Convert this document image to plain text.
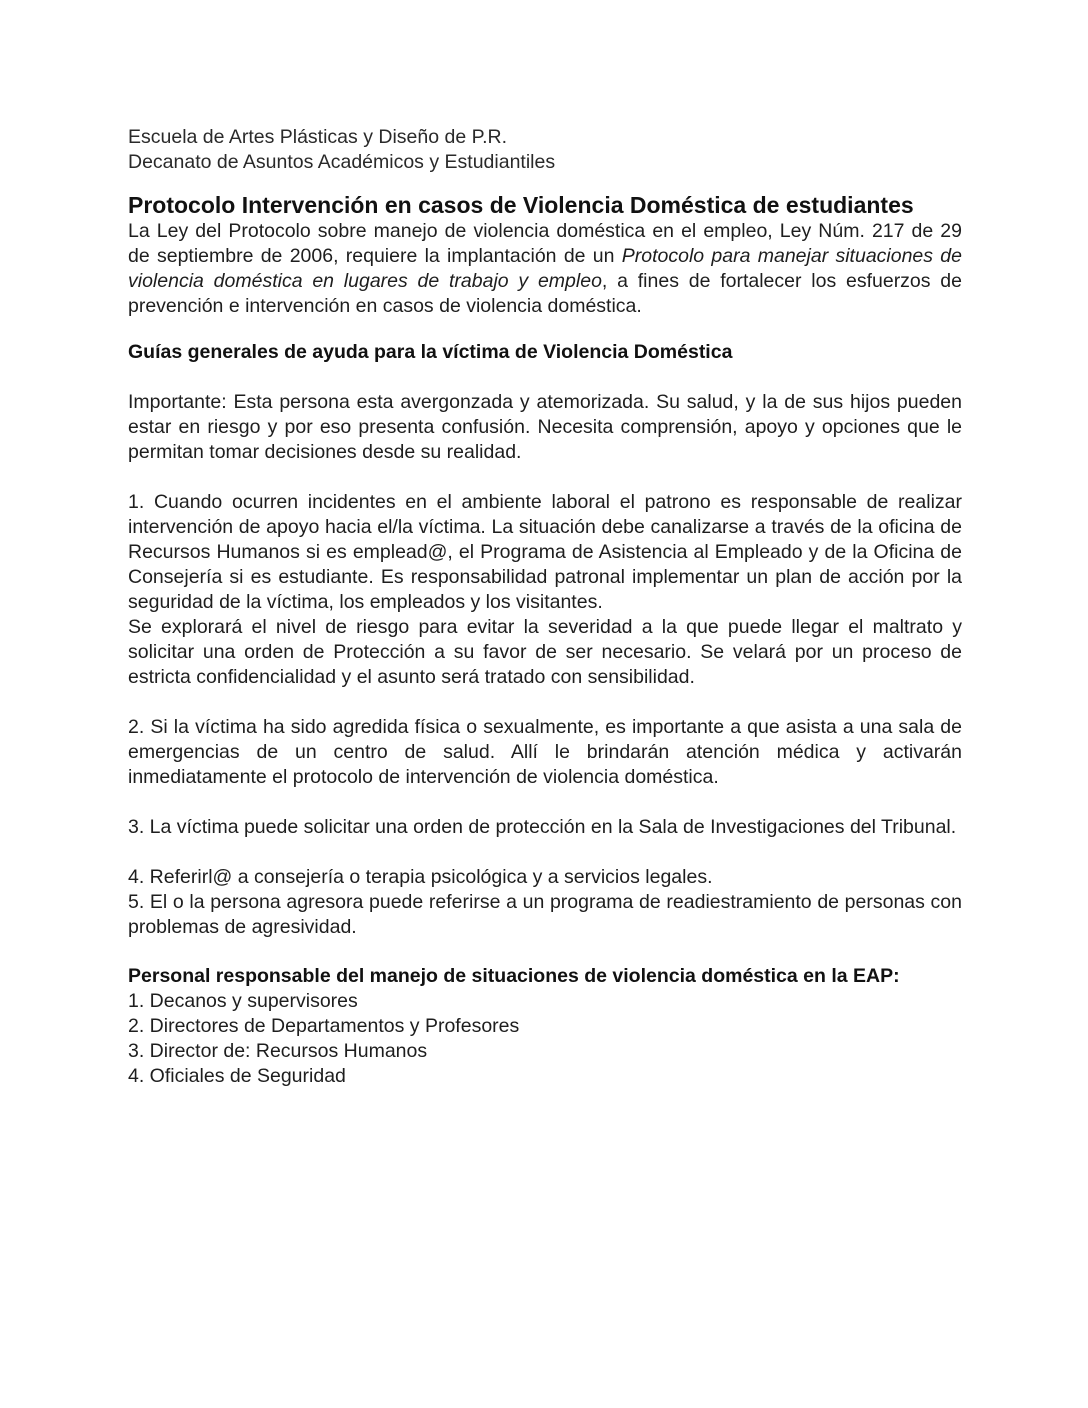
Escuela de Artes Plásticas y Diseño de P.R.
Decanato de Asuntos Académicos y Estudiantiles
Protocolo Intervención en casos de Violencia Doméstica de estudiantes
La Ley del Protocolo sobre manejo de violencia doméstica en el empleo, Ley Núm. 217 de 29 de septiembre de 2006, requiere la implantación de un Protocolo para manejar situaciones de violencia doméstica en lugares de trabajo y empleo, a fines de fortalecer los esfuerzos de prevención e intervención en casos de violencia doméstica.
Guías generales de ayuda para la víctima de Violencia Doméstica
Importante: Esta persona esta avergonzada y atemorizada. Su salud, y la de sus hijos pueden estar en riesgo y por eso presenta confusión. Necesita comprensión, apoyo y opciones que le permitan tomar decisiones desde su realidad.
1. Cuando ocurren incidentes en el ambiente laboral el patrono es responsable de realizar intervención de apoyo hacia el/la víctima. La situación debe canalizarse a través de la oficina de Recursos Humanos si es emplead@, el Programa de Asistencia al Empleado y de la Oficina de Consejería si es estudiante. Es responsabilidad patronal implementar un plan de acción por la seguridad de la víctima, los empleados y los visitantes.
Se explorará el nivel de riesgo para evitar la severidad a la que puede llegar el maltrato y solicitar una orden de Protección a su favor de ser necesario. Se velará por un proceso de estricta confidencialidad y el asunto será tratado con sensibilidad.
2. Si la víctima ha sido agredida física o sexualmente, es importante a que asista a una sala de emergencias de un centro de salud. Allí le brindarán atención médica y activarán inmediatamente el protocolo de intervención de violencia doméstica.
3. La víctima puede solicitar una orden de protección en la Sala de Investigaciones del Tribunal.
4. Referirl@ a consejería o terapia psicológica y a servicios legales.
5. El o la persona agresora puede referirse a un programa de readiestramiento de personas con problemas de agresividad.
Personal responsable del manejo de situaciones de violencia doméstica en la EAP:
1. Decanos y supervisores
2. Directores de Departamentos y Profesores
3. Director de: Recursos Humanos
4. Oficiales de Seguridad
